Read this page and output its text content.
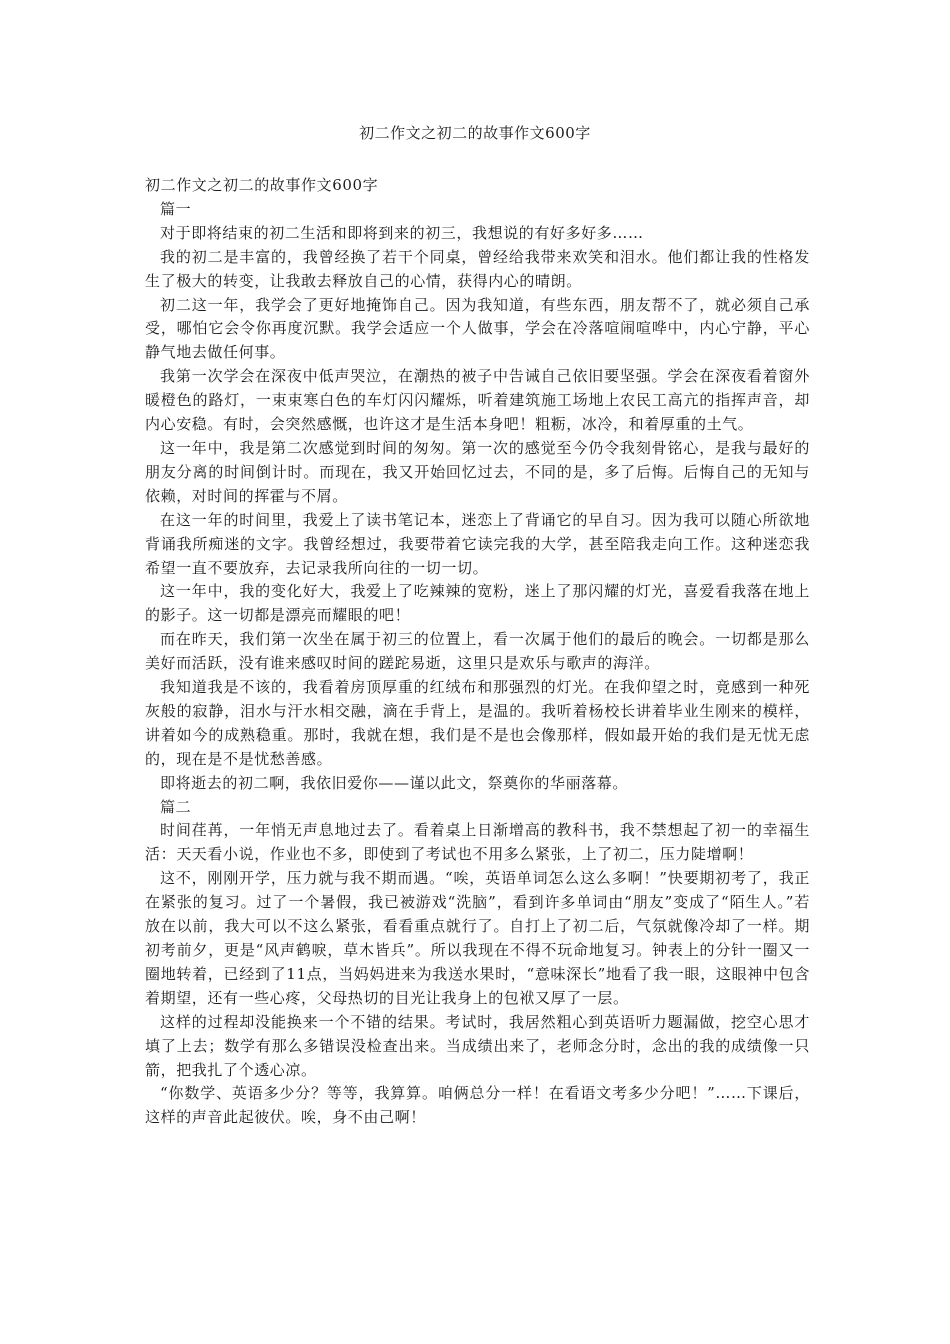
初二作文之初二的故事作文600字

初二作文之初二的故事作文600字

篇一

对于即将结束的初二生活和即将到来的初三，我想说的有好多好多……

我的初二是丰富的，我曾经换了若干个同桌，曾经给我带来欢笑和泪水。他们都让我的性格发生了极大的转变，让我敢去释放自己的心情，获得内心的晴朗。

初二这一年，我学会了更好地掩饰自己。因为我知道，有些东西，朋友帮不了，就必须自己承受，哪怕它会令你再度沉默。我学会适应一个人做事，学会在冷落喧闹喧哗中，内心宁静，平心静气地去做任何事。

我第一次学会在深夜中低声哭泣，在潮热的被子中告诫自己依旧要坚强。学会在深夜看着窗外暖橙色的路灯，一束束寒白色的车灯闪闪耀烁，听着建筑施工场地上农民工高亢的指挥声音，却内心安稳。有时，会突然感慨，也许这才是生活本身吧！粗粝，冰冷，和着厚重的土气。

这一年中，我是第二次感觉到时间的匆匆。第一次的感觉至今仍令我刻骨铭心，是我与最好的朋友分离的时间倒计时。而现在，我又开始回忆过去，不同的是，多了后悔。后悔自己的无知与依赖，对时间的挥霍与不屑。

在这一年的时间里，我爱上了读书笔记本，迷恋上了背诵它的早自习。因为我可以随心所欲地背诵我所痴迷的文字。我曾经想过，我要带着它读完我的大学，甚至陪我走向工作。这种迷恋我希望一直不要放弃，去记录我所向往的一切一切。

这一年中，我的变化好大，我爱上了吃辣辣的宽粉，迷上了那闪耀的灯光，喜爱看我落在地上的影子。这一切都是漂亮而耀眼的吧！

而在昨天，我们第一次坐在属于初三的位置上，看一次属于他们的最后的晚会。一切都是那么美好而活跃，没有谁来感叹时间的蹉跎易逝，这里只是欢乐与歌声的海洋。

我知道我是不该的，我看着房顶厚重的红绒布和那强烈的灯光。在我仰望之时，竟感到一种死灰般的寂静，泪水与汗水相交融，滴在手背上，是温的。我听着杨校长讲着毕业生刚来的模样，讲着如今的成熟稳重。那时，我就在想，我们是不是也会像那样，假如最开始的我们是无忧无虑的，现在是不是忧愁善感。

即将逝去的初二啊，我依旧爱你——谨以此文，祭奠你的华丽落幕。

篇二

时间荏苒，一年悄无声息地过去了。看着桌上日渐增高的教科书，我不禁想起了初一的幸福生活：天天看小说，作业也不多，即使到了考试也不用多么紧张，上了初二，压力陡增啊！

这不，刚刚开学，压力就与我不期而遇。“唉，英语单词怎么这么多啊！”快要期初考了，我正在紧张的复习。过了一个暑假，我已被游戏“洗脑”，看到许多单词由“朋友”变成了“陌生人。”若放在以前，我大可以不这么紧张，看看重点就行了。自打上了初二后，气氛就像冷却了一样。期初考前夕，更是“风声鹤唳，草木皆兵”。所以我现在不得不玩命地复习。钟表上的分针一圈又一圈地转着，已经到了11点，当妈妈进来为我送水果时，“意味深长”地看了我一眼，这眼神中包含着期望，还有一些心疼，父母热切的目光让我身上的包袱又厚了一层。

这样的过程却没能换来一个不错的结果。考试时，我居然粗心到英语听力题漏做，挖空心思才填了上去；数学有那么多错误没检查出来。当成绩出来了，老师念分时，念出的我的成绩像一只箭，把我扎了个透心凉。

“你数学、英语多少分？等等，我算算。咱俩总分一样！在看语文考多少分吧！”……下课后，这样的声音此起彼伏。唉，身不由己啊！
